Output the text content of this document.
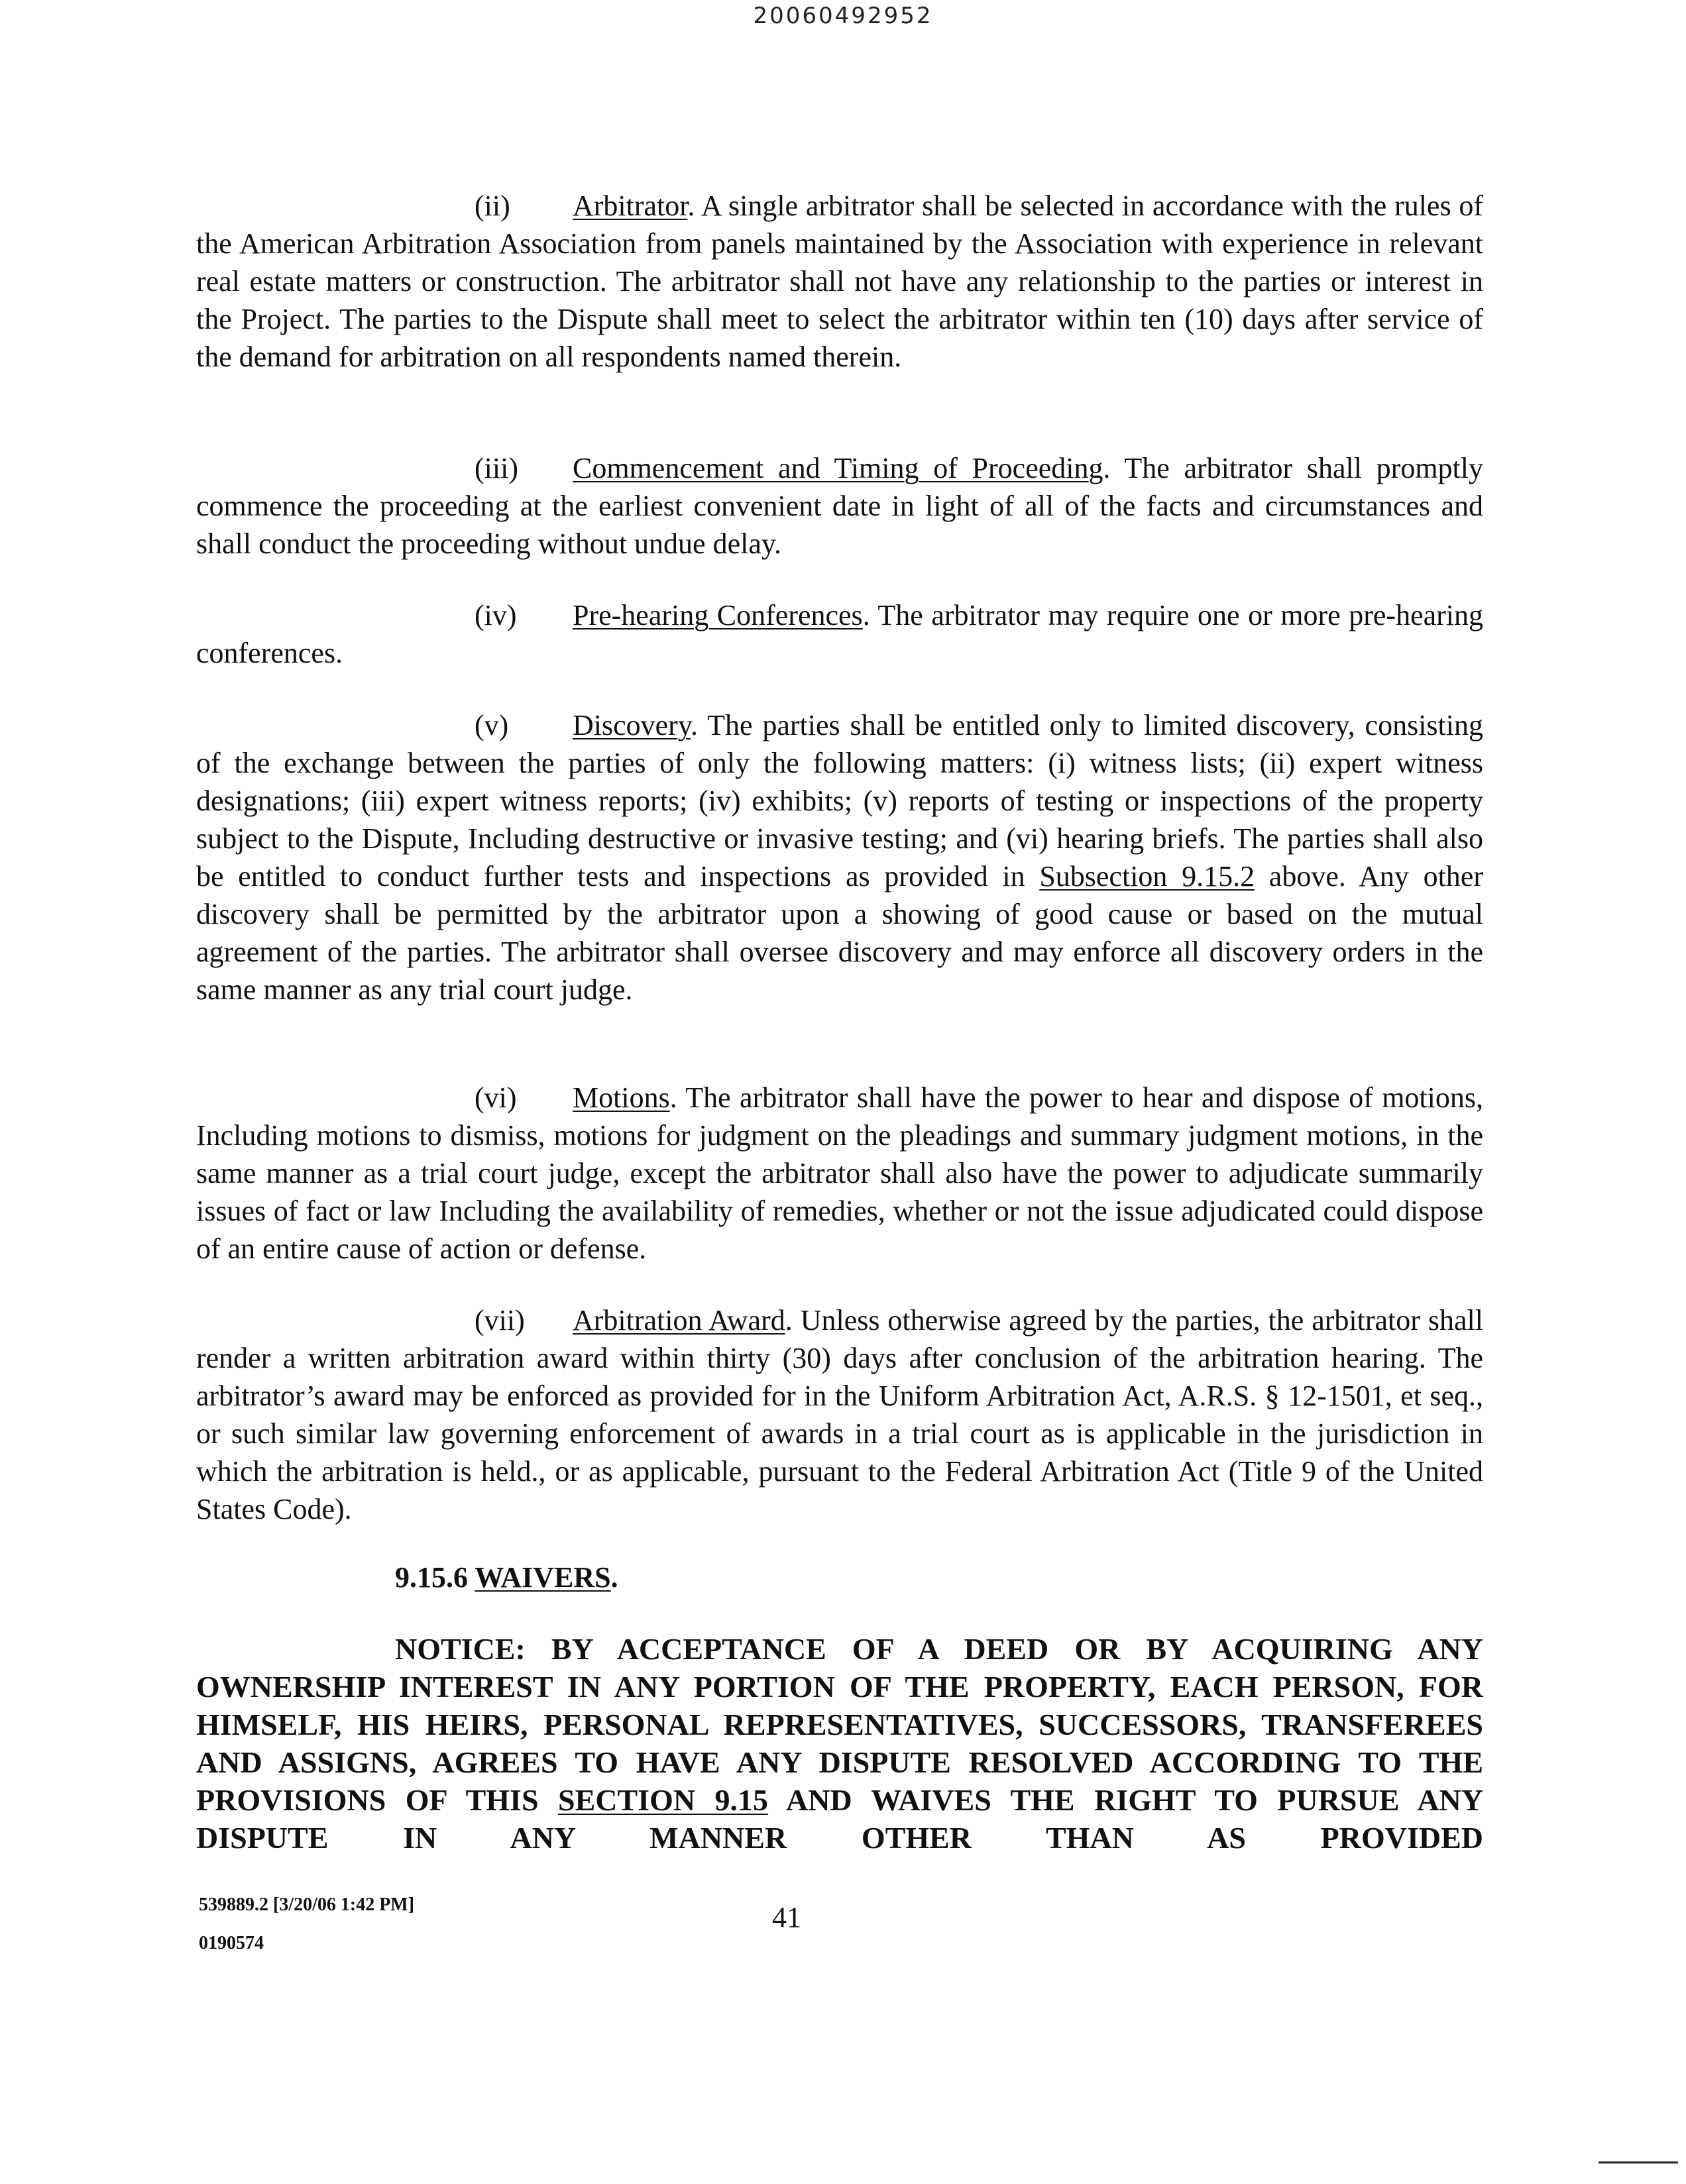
20060492952

(ii) Arbitrator. A single arbitrator shall be selected in accordance with the rules of the American Arbitration Association from panels maintained by the Association with experience in relevant real estate matters or construction. The arbitrator shall not have any relationship to the parties or interest in the Project. The parties to the Dispute shall meet to select the arbitrator within ten (10) days after service of the demand for arbitration on all respondents named therein.

(iii) Commencement and Timing of Proceeding. The arbitrator shall promptly commence the proceeding at the earliest convenient date in light of all of the facts and circumstances and shall conduct the proceeding without undue delay.

(iv) Pre-hearing Conferences. The arbitrator may require one or more pre-hearing conferences.

(v) Discovery. The parties shall be entitled only to limited discovery, consisting of the exchange between the parties of only the following matters: (i) witness lists; (ii) expert witness designations; (iii) expert witness reports; (iv) exhibits; (v) reports of testing or inspections of the property subject to the Dispute, Including destructive or invasive testing; and (vi) hearing briefs. The parties shall also be entitled to conduct further tests and inspections as provided in Subsection 9.15.2 above. Any other discovery shall be permitted by the arbitrator upon a showing of good cause or based on the mutual agreement of the parties. The arbitrator shall oversee discovery and may enforce all discovery orders in the same manner as any trial court judge.

(vi) Motions. The arbitrator shall have the power to hear and dispose of motions, Including motions to dismiss, motions for judgment on the pleadings and summary judgment motions, in the same manner as a trial court judge, except the arbitrator shall also have the power to adjudicate summarily issues of fact or law Including the availability of remedies, whether or not the issue adjudicated could dispose of an entire cause of action or defense.

(vii) Arbitration Award. Unless otherwise agreed by the parties, the arbitrator shall render a written arbitration award within thirty (30) days after conclusion of the arbitration hearing. The arbitrator’s award may be enforced as provided for in the Uniform Arbitration Act, A.R.S. § 12-1501, et seq., or such similar law governing enforcement of awards in a trial court as is applicable in the jurisdiction in which the arbitration is held., or as applicable, pursuant to the Federal Arbitration Act (Title 9 of the United States Code).

9.15.6 WAIVERS.
NOTICE: BY ACCEPTANCE OF A DEED OR BY ACQUIRING ANY OWNERSHIP INTEREST IN ANY PORTION OF THE PROPERTY, EACH PERSON, FOR HIMSELF, HIS HEIRS, PERSONAL REPRESENTATIVES, SUCCESSORS, TRANSFEREES AND ASSIGNS, AGREES TO HAVE ANY DISPUTE RESOLVED ACCORDING TO THE PROVISIONS OF THIS SECTION 9.15 AND WAIVES THE RIGHT TO PURSUE ANY DISPUTE IN ANY MANNER OTHER THAN AS PROVIDED
539889.2 [3/20/06 1:42 PM]
0190574
41
